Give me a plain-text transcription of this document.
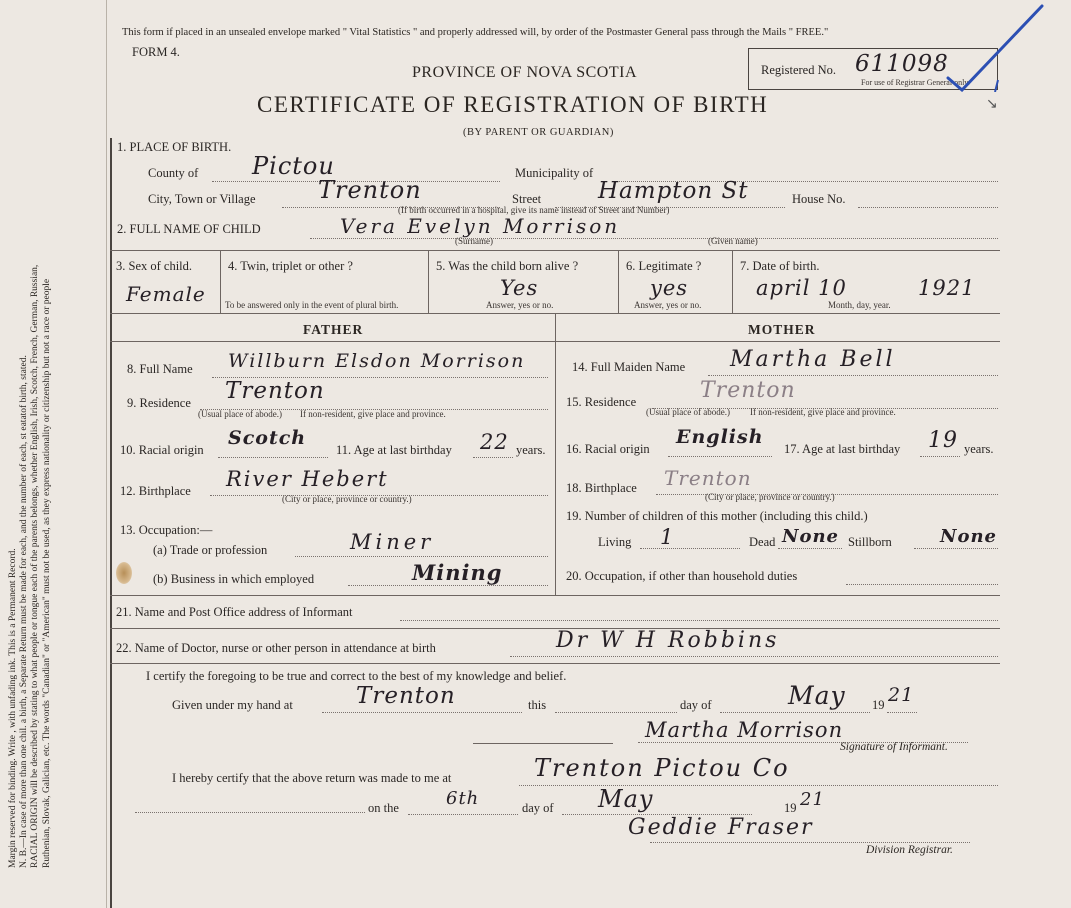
Margin reserved for binding. Write , with unfading ink. This is a Permanent Record. N. B.—In case of more than one chil. a birth, a Separate Return must be made for each, and the number of each, st eatatof birth, stated. RACIAL ORIGIN will be described by stating to what people or tongue each of the parents belongs, whether English, Irish, Scotch, French, German, Russian, Ruthenian, Slovak, Galician, etc. The words "Canadian" or "American" must not be used, as they express nationality or citizenship but not a race or people
This form if placed in an unsealed envelope marked " Vital Statistics " and properly addressed will, by order of the Postmaster General pass through the Mails " FREE."
FORM 4.
PROVINCE OF NOVA SCOTIA
CERTIFICATE OF REGISTRATION OF BIRTH
(BY PARENT OR GUARDIAN)
Registered No. 611098
For use of Registrar General only.
↘
1. PLACE OF BIRTH.
County of Pictou	Municipality of
City, Town or Village	Trenton	Street Hampton St	House No.
(If birth occurred in a hospital, give its name instead of Street and Number)
2. FULL NAME OF CHILD	Vera Evelyn Morrison
(Surname)	(Given name)
3. Sex of child.
Female
4. Twin, triplet or other ?
To be answered only in the event of plural birth.
5. Was the child born alive ?
Yes
Answer, yes or no.
6. Legitimate ?
yes
Answer, yes or no.
7. Date of birth.
april 10	1921
Month, day, year.
FATHER	MOTHER
8. Full Name Willburn Elsdon Morrison
9. Residence Trenton
(Usual place of abode.) If non-resident, give place and province.
10. Racial origin
Scotch
11. Age at last birthday 22 years.
12. Birthplace River Hebert
(City or place, province or country.)
13. Occupation:—
(a) Trade or profession	Miner
(b) Business in which employed	Mining
14. Full Maiden Name Martha Bell
15. Residence	Trenton
(Usual place of abode.) If non-resident, give place and province.
16. Racial origin
English
17. Age at last birthday 19 years.
18. Birthplace Trenton
(City or place, province or country.)
19. Number of children of this mother (including this child.)
Living 1	Dead None Stillborn	None
20. Occupation, if other than household duties
21. Name and Post Office address of Informant
22. Name of Doctor, nurse or other person in attendance at birth	Dr W H Robbins
I certify the foregoing to be true and correct to the best of my knowledge and belief.
Given under my hand at	Trenton	this	day of	May 19 21
Martha Morrison
Signature of Informant.
I hereby certify that the above return was made to me at	Trenton Pictou Co
on the	6th	day of May	19 21
Geddie Fraser
Division Registrar.
